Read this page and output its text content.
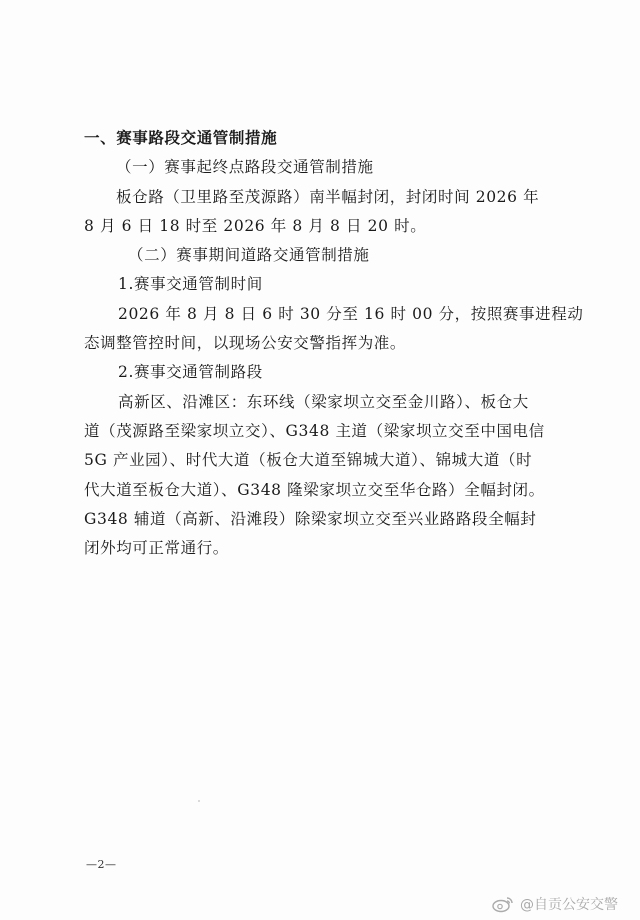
一、赛事路段交通管制措施
（一）赛事起终点路段交通管制措施
板仓路（卫里路至茂源路）南半幅封闭，封闭时间 2026 年
8 月 6 日 18 时至 2026 年 8 月 8 日 20 时。
（二）赛事期间道路交通管制措施
1.赛事交通管制时间
2026 年 8 月 8 日 6 时 30 分至 16 时 00 分，按照赛事进程动
态调整管控时间，以现场公安交警指挥为准。
2.赛事交通管制路段
高新区、沿滩区：东环线（梁家坝立交至金川路）、板仓大
道（茂源路至梁家坝立交）、G348 主道（梁家坝立交至中国电信
5G 产业园）、时代大道（板仓大道至锦城大道）、锦城大道（时
代大道至板仓大道）、G348 隆梁家坝立交至华仓路）全幅封闭。
G348 辅道（高新、沿滩段）除梁家坝立交至兴业路路段全幅封
闭外均可正常通行。
—2—
@自贡公安交警
